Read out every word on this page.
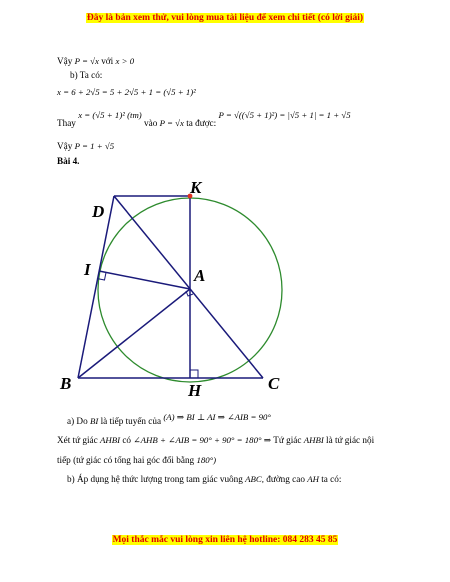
Đây là bản xem thử, vui lòng mua tài liệu để xem chi tiết (có lời giải)
Vậy P = √x với x > 0
b) Ta có:
x = 6 + 2√5 = 5 + 2√5 + 1 = (√5 + 1)²
Thay x = (√5 + 1)² (tm) vào P = √x ta được: P = √((√5 + 1)²) = |√5 + 1| = 1 + √5
Vậy P = 1 + √5
Bài 4.
K
D
I	A
B	H	C
a) Do BI là tiếp tuyến của (A) ⇒ BI ⊥ AI ⇒ ∠AIB = 90°
Xét tứ giác AHBI có ∠AHB + ∠AIB = 90° + 90° = 180° ⇒ Tứ giác AHBI là tứ giác nội
tiếp (tứ giác có tổng hai góc đối bằng 180°)
b) Áp dụng hệ thức lượng trong tam giác vuông ABC, đường cao AH ta có:
Mọi thắc mắc vui lòng xin liên hệ hotline: 084 283 45 85
